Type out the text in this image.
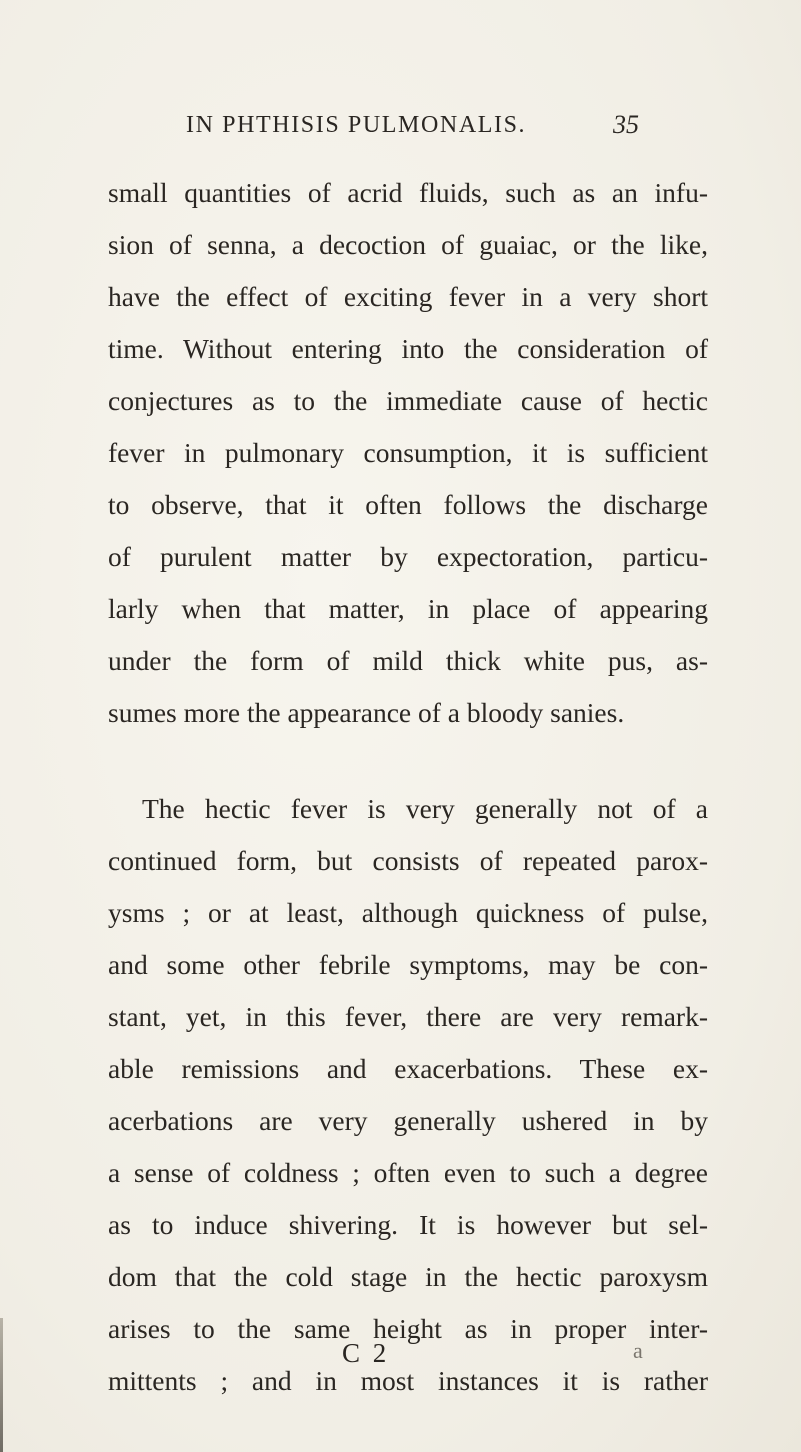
IN PHTHISIS PULMONALIS.	35
small quantities of acrid fluids, such as an infu-
sion of senna, a decoction of guaiac, or the like,
have the effect of exciting fever in a very short
time. Without entering into the consideration of
conjectures as to the immediate cause of hectic
fever in pulmonary consumption, it is sufficient
to observe, that it often follows the discharge
of purulent matter by expectoration, particu-
larly when that matter, in place of appearing
under the form of mild thick white pus, as-
sumes more the appearance of a bloody sanies.
The hectic fever is very generally not of a
continued form, but consists of repeated parox-
ysms ; or at least, although quickness of pulse,
and some other febrile symptoms, may be con-
stant, yet, in this fever, there are very remark-
able remissions and exacerbations. These ex-
acerbations are very generally ushered in by
a sense of coldness ; often even to such a degree
as to induce shivering. It is however but sel-
dom that the cold stage in the hectic paroxysm
arises to the same height as in proper inter-
mittents ; and in most instances it is rather
C 2	a
